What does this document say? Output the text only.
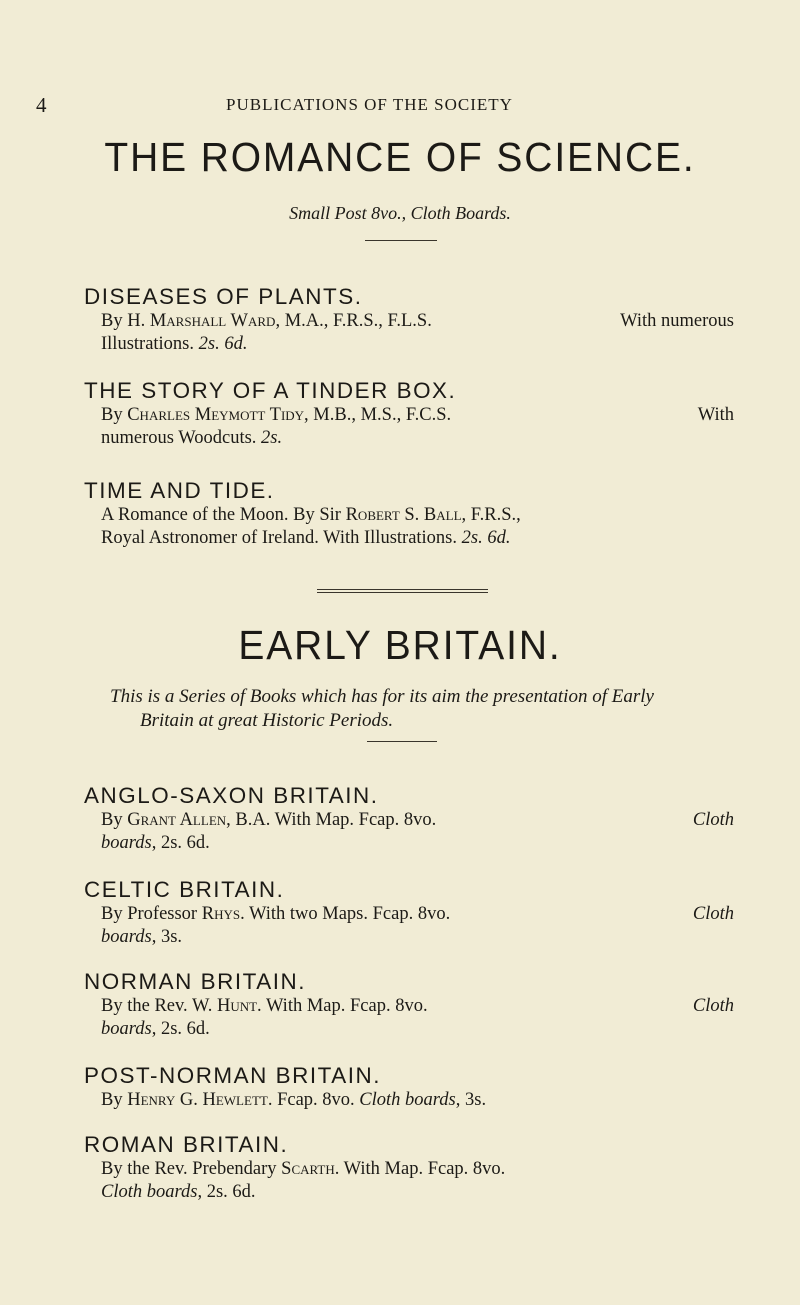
4	PUBLICATIONS OF THE SOCIETY
THE ROMANCE OF SCIENCE.
Small Post 8vo., Cloth Boards.
DISEASES OF PLANTS.
By H. Marshall Ward, M.A., F.R.S., F.L.S.	With numerous
Illustrations. 2s. 6d.
THE STORY OF A TINDER BOX.
By Charles Meymott Tidy, M.B., M.S., F.C.S.	With
numerous Woodcuts. 2s.
TIME AND TIDE.
A Romance of the Moon. By Sir Robert S. Ball, F.R.S.,
Royal Astronomer of Ireland. With Illustrations. 2s. 6d.
EARLY BRITAIN.
This is a Series of Books which has for its aim the presentation of Early
Britain at great Historic Periods.
ANGLO-SAXON BRITAIN.
By Grant Allen, B.A. With Map. Fcap. 8vo.	Cloth
boards, 2s. 6d.
CELTIC BRITAIN.
By Professor Rhys. With two Maps. Fcap. 8vo.	Cloth
boards, 3s.
NORMAN BRITAIN.
By the Rev. W. Hunt. With Map. Fcap. 8vo.	Cloth
boards, 2s. 6d.
POST-NORMAN BRITAIN.
By Henry G. Hewlett. Fcap. 8vo. Cloth boards, 3s.
ROMAN BRITAIN.
By the Rev. Prebendary Scarth. With Map. Fcap. 8vo.
Cloth boards, 2s. 6d.
